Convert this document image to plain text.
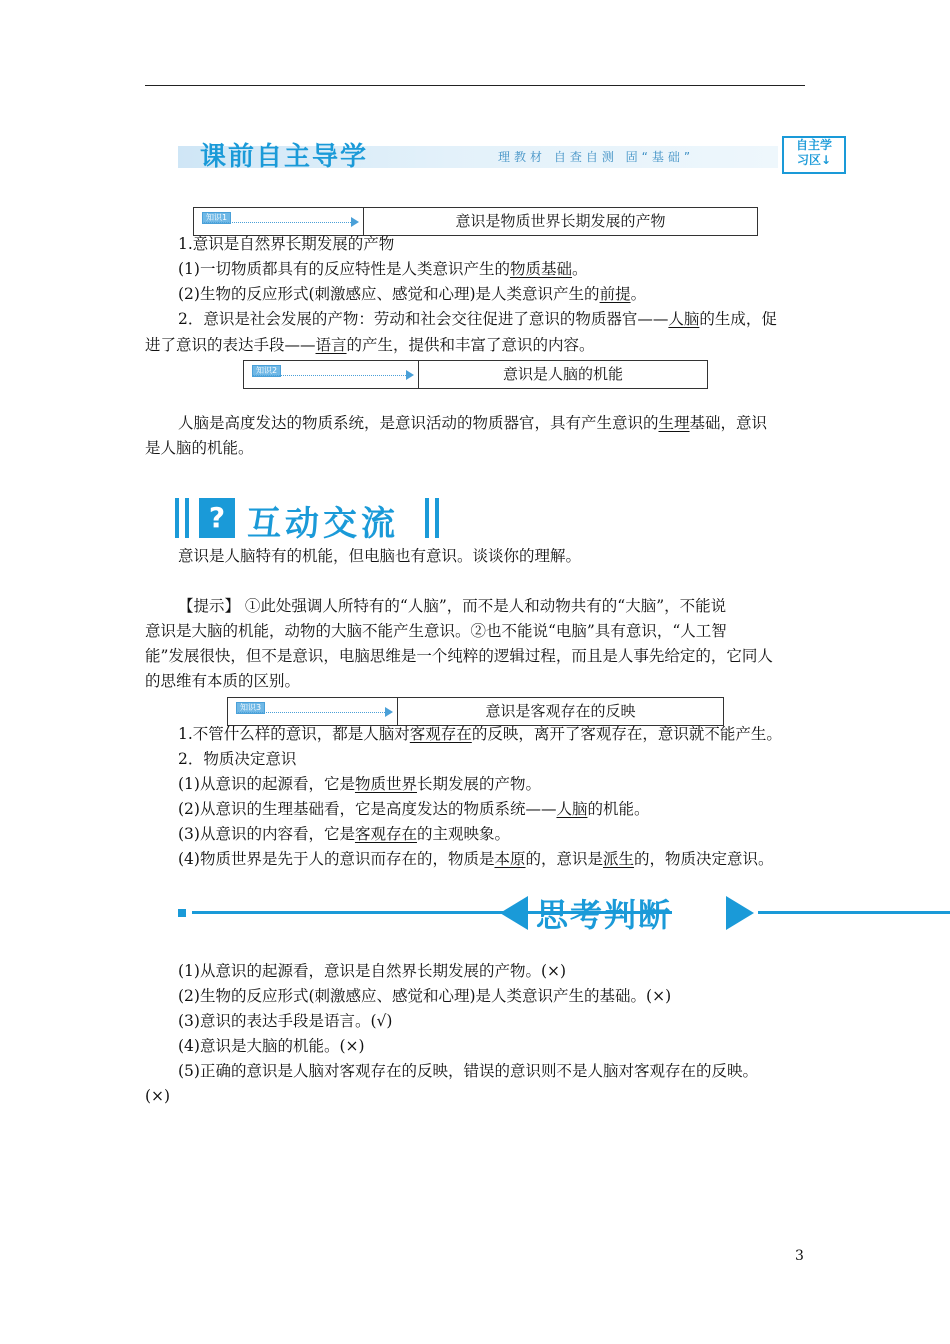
课前自主导学	理教材 自查自测 固“基础”
自主学
习区↓
知识1	意识是物质世界长期发展的产物
1.意识是自然界长期发展的产物
(1)一切物质都具有的反应特性是人类意识产生的物质基础。
(2)生物的反应形式(刺激感应、感觉和心理)是人类意识产生的前提。
2．意识是社会发展的产物：劳动和社会交往促进了意识的物质器官——人脑的生成，促
进了意识的表达手段——语言的产生，提供和丰富了意识的内容。
知识2	意识是人脑的机能
人脑是高度发达的物质系统，是意识活动的物质器官，具有产生意识的生理基础，意识
是人脑的机能。
? 互动交流
意识是人脑特有的机能，但电脑也有意识。谈谈你的理解。
【提示】 ①此处强调人所特有的“人脑”，而不是人和动物共有的“大脑”，不能说
意识是大脑的机能，动物的大脑不能产生意识。②也不能说“电脑”具有意识，“人工智
能”发展很快，但不是意识，电脑思维是一个纯粹的逻辑过程，而且是人事先给定的，它同人
的思维有本质的区别。
知识3	意识是客观存在的反映
1.不管什么样的意识，都是人脑对客观存在的反映，离开了客观存在，意识就不能产生。
2．物质决定意识
(1)从意识的起源看，它是物质世界长期发展的产物。
(2)从意识的生理基础看，它是高度发达的物质系统——人脑的机能。
(3)从意识的内容看，它是客观存在的主观映象。
(4)物质世界是先于人的意识而存在的，物质是本原的，意识是派生的，物质决定意识。
思考判断
(1)从意识的起源看，意识是自然界长期发展的产物。(×)
(2)生物的反应形式(刺激感应、感觉和心理)是人类意识产生的基础。(×)
(3)意识的表达手段是语言。(√)
(4)意识是大脑的机能。(×)
(5)正确的意识是人脑对客观存在的反映，错误的意识则不是人脑对客观存在的反映。
(×)
3
